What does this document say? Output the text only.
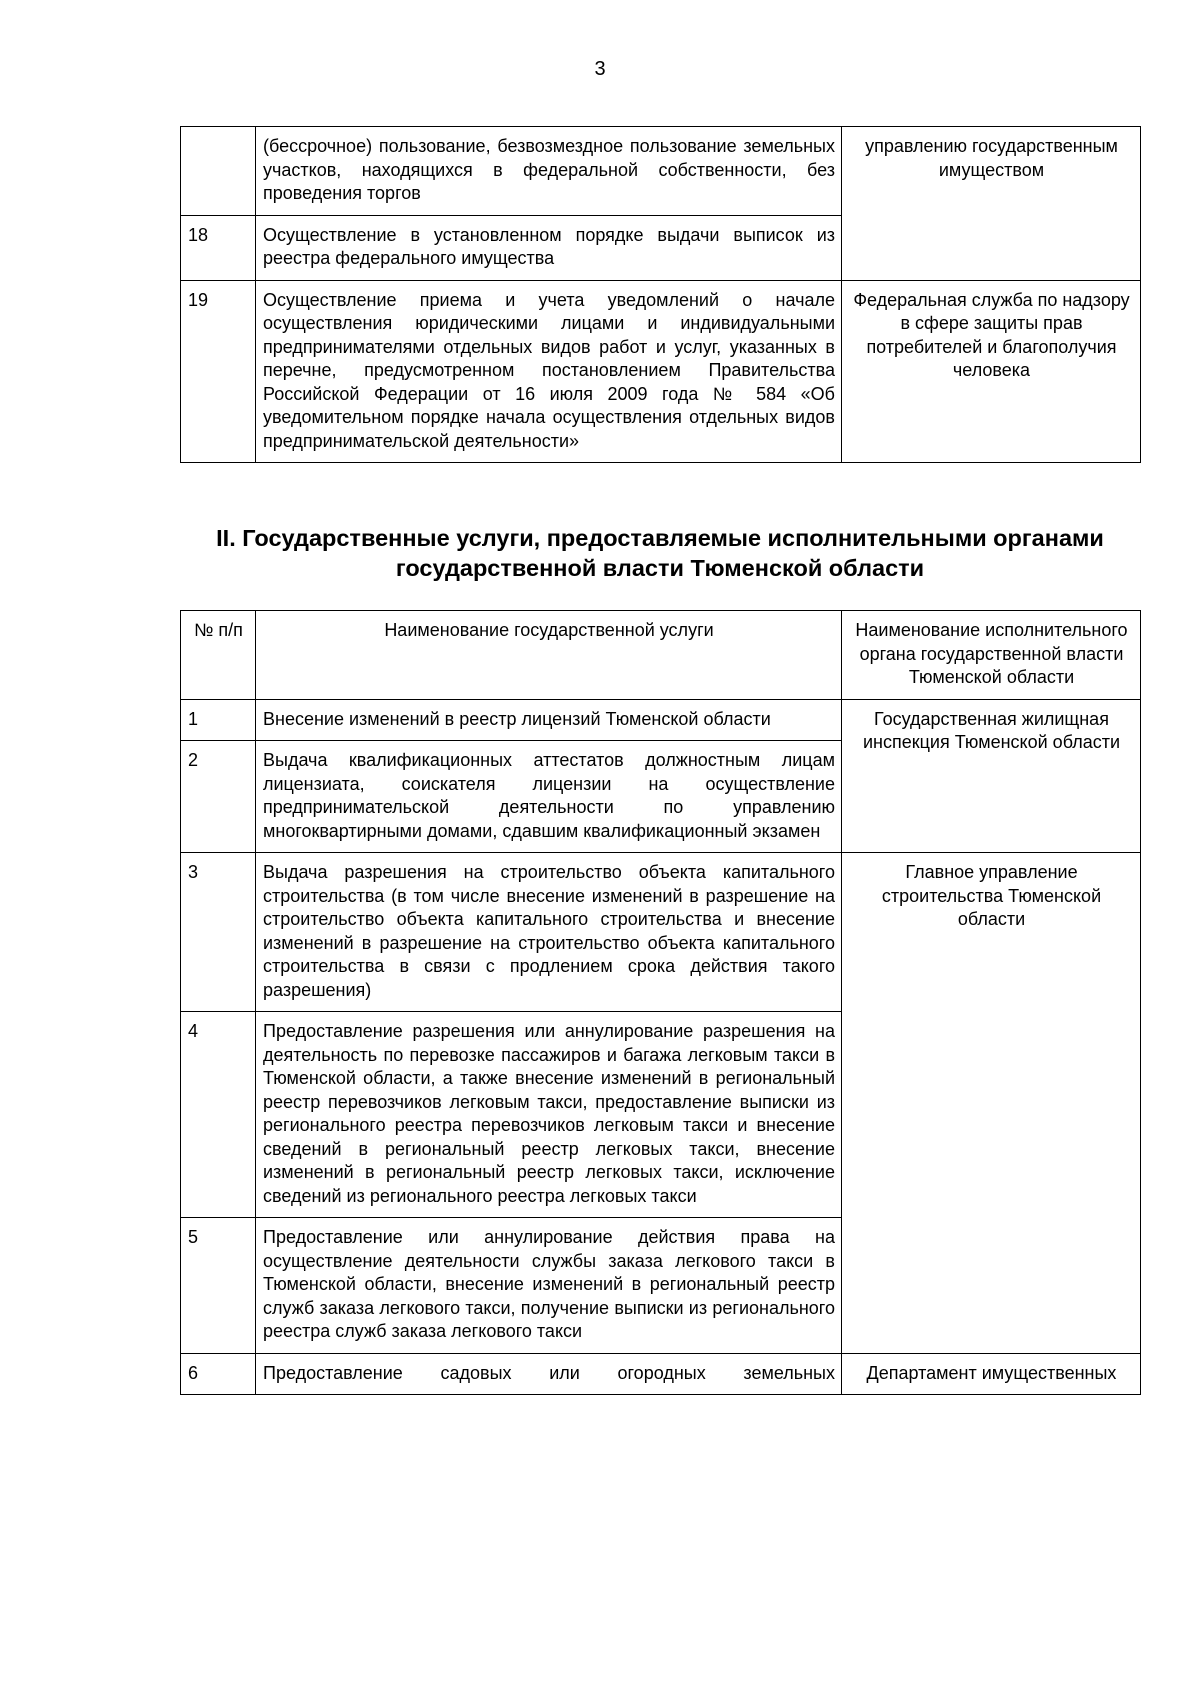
3
	(бессрочное) пользование, безвозмездное пользование земельных участков, находящихся в федеральной собственности, без проведения торгов	управлению государственным имуществом
18	Осуществление в установленном порядке выдачи выписок из реестра федерального имущества	
19	Осуществление приема и учета уведомлений о начале осуществления юридическими лицами и индивидуальными предпринимателями отдельных видов работ и услуг, указанных в перечне, предусмотренном постановлением Правительства Российской Федерации от 16 июля 2009 года № 584 «Об уведомительном порядке начала осуществления отдельных видов предпринимательской деятельности»	Федеральная служба по надзору в сфере защиты прав потребителей и благополучия человека
II. Государственные услуги, предоставляемые исполнительными органами государственной власти Тюменской области
№ п/п	Наименование государственной услуги	Наименование исполнительного органа государственной власти Тюменской области
1	Внесение изменений в реестр лицензий Тюменской области	Государственная жилищная инспекция Тюменской области
2	Выдача квалификационных аттестатов должностным лицам лицензиата, соискателя лицензии на осуществление предпринимательской деятельности по управлению многоквартирными домами, сдавшим квалификационный экзамен	
3	Выдача разрешения на строительство объекта капитального строительства (в том числе внесение изменений в разрешение на строительство объекта капитального строительства и внесение изменений в разрешение на строительство объекта капитального строительства в связи с продлением срока действия такого разрешения)	Главное управление строительства Тюменской области
4	Предоставление разрешения или аннулирование разрешения на деятельность по перевозке пассажиров и багажа легковым такси в Тюменской области, а также внесение изменений в региональный реестр перевозчиков легковым такси, предоставление выписки из регионального реестра перевозчиков легковым такси и внесение сведений в региональный реестр легковых такси, внесение изменений в региональный реестр легковых такси, исключение сведений из регионального реестра легковых такси	
5	Предоставление или аннулирование действия права на осуществление деятельности службы заказа легкового такси в Тюменской области, внесение изменений в региональный реестр служб заказа легкового такси, получение выписки из регионального реестра служб заказа легкового такси	
6	Предоставление садовых или огородных земельных	Департамент имущественных
